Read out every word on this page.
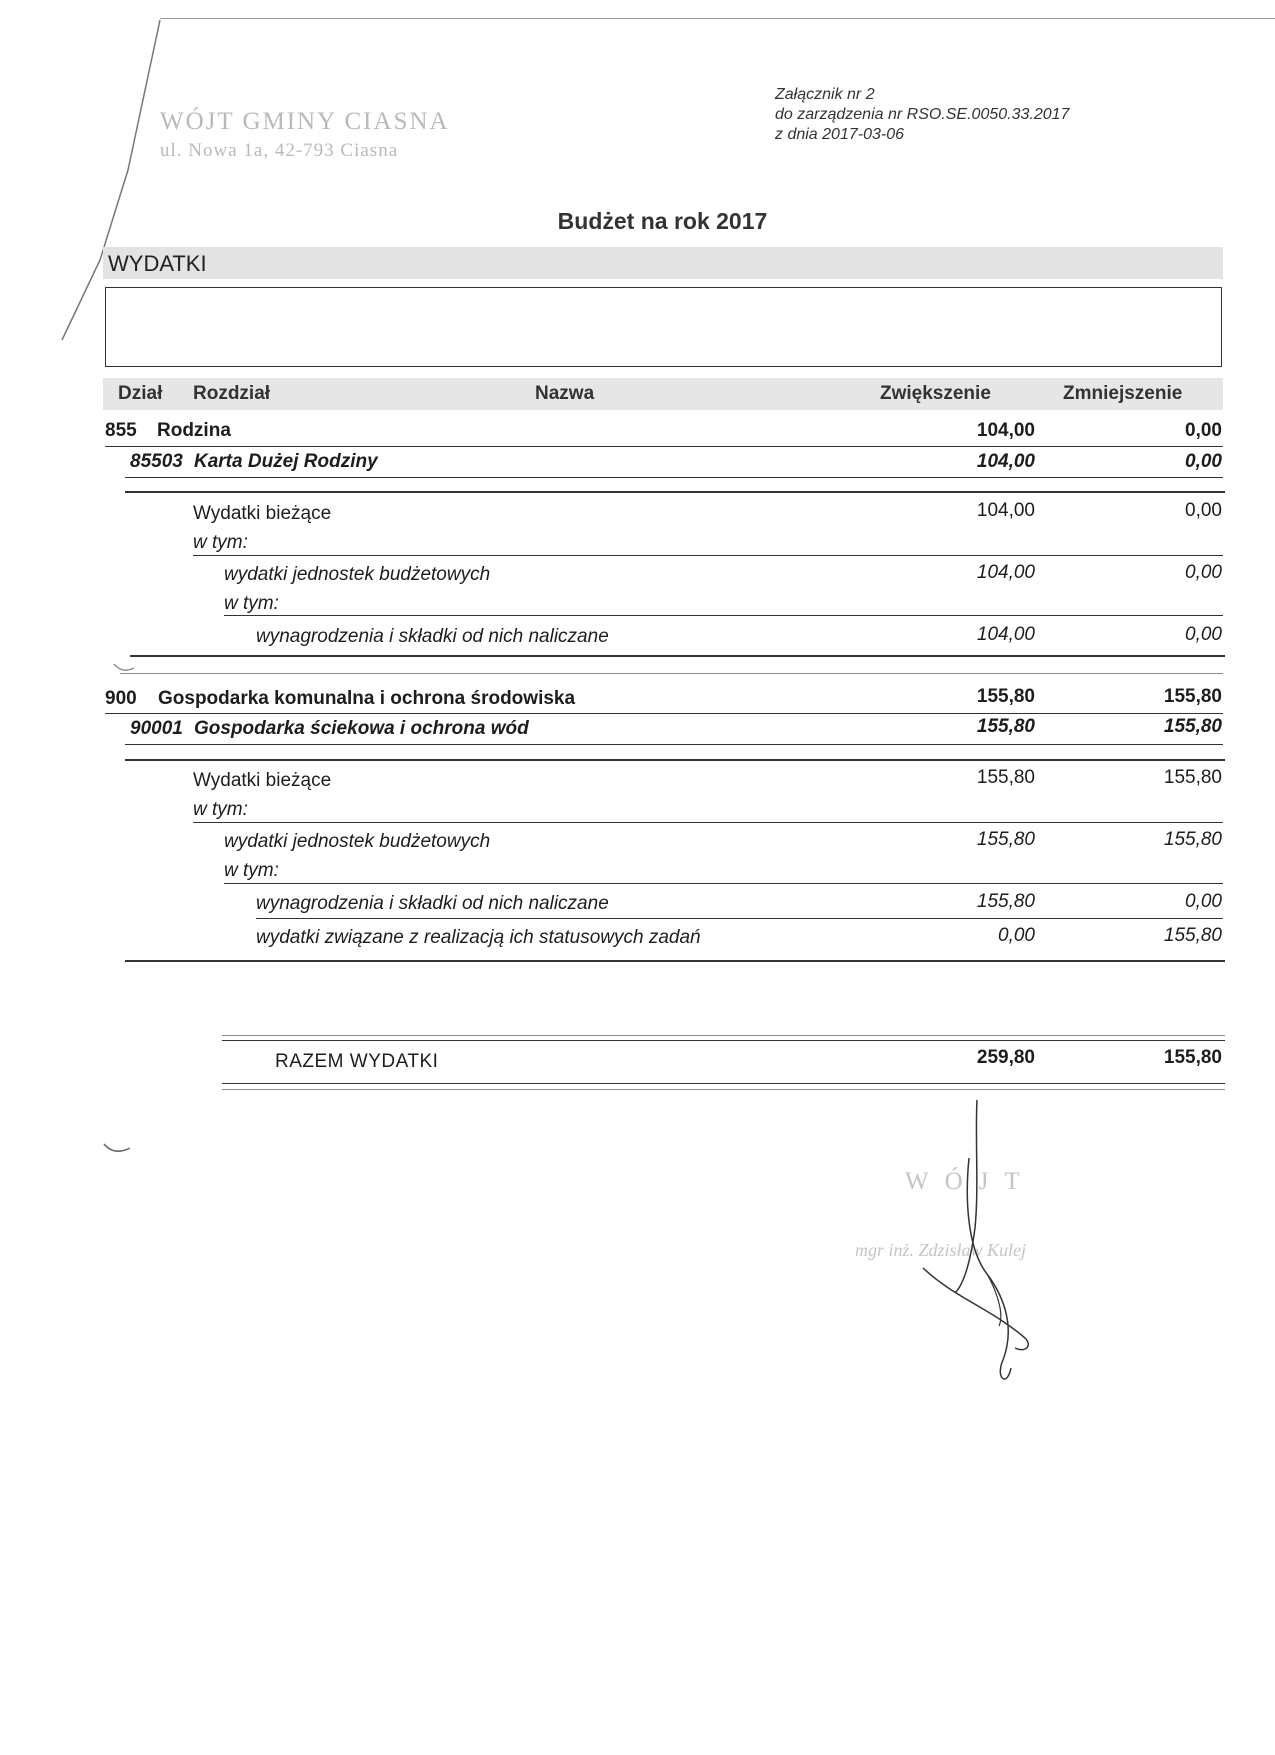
WÓJT GMINY CIASNA
ul. Nowa 1a, 42-793 Ciasna
Załącznik nr 2
do zarządzenia nr RSO.SE.0050.33.2017
z dnia 2017-03-06
Budżet na rok 2017
WYDATKI
Dział Rozdział	Nazwa	Zwiększenie	Zmniejszenie
855 Rodzina	104,00	0,00
85503 Karta Dużej Rodziny	104,00	0,00
Wydatki bieżące	104,00	0,00
w tym:
wydatki jednostek budżetowych	104,00	0,00
w tym:
wynagrodzenia i składki od nich naliczane	104,00	0,00
900 Gospodarka komunalna i ochrona środowiska	155,80	155,80
90001 Gospodarka ściekowa i ochrona wód	155,80	155,80
Wydatki bieżące	155,80	155,80
w tym:
wydatki jednostek budżetowych	155,80	155,80
w tym:
wynagrodzenia i składki od nich naliczane	155,80	0,00
wydatki związane z realizacją ich statusowych zadań	0,00	155,80
RAZEM WYDATKI	259,80	155,80
WÓJT
mgr inż. Zdzisław Kulej
